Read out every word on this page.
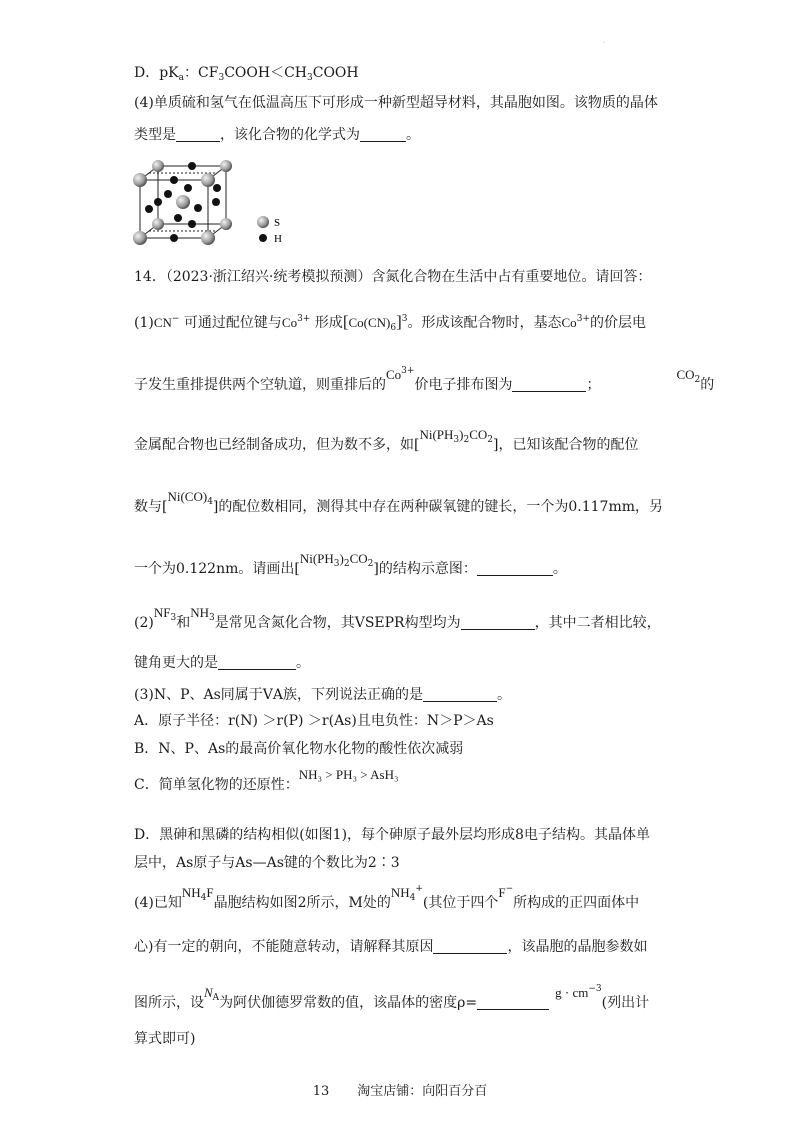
·
D．$pK_a$：$CF_3COOH<CH_3COOH$
(4)单质硫和氢气在低温高压下可形成一种新型超导材料，其晶胞如图。该物质的晶体
类型是	，该化合物的化学式为	。
S
H
14．（2023·浙江绍兴·统考模拟预测）含氮化合物在生活中占有重要地位。请回答：
(1)CN− 可通过配位键与$Co^{3+}$ 形成$[Co(CN)_6]^3$。形成该配合物时，基态$Co^{3+}$的价层电
子发生重排提供两个空轨道，则重排后的$Co^{3+}$价电子排布图为	；$CO_2$的
金属配合物也已经制备成功，但为数不多，如$[Ni(PH_3)_2CO_2]$，已知该配合物的配位
数与$[Ni(CO)_4]$的配位数相同，测得其中存在两种碳氧键的键长，一个为0.117mm，另
一个为0.122nm。请画出$[Ni(PH_3)_2CO_2]$的结构示意图：	。
$(2)NF_3$和$NH_3$是常见含氮化合物，其VSEPR构型均为	，其中二者相比较，
键角更大的是	。
(3)N、P、As同属于ⅤA族，下列说法正确的是	。
A．原子半径：r(N) ＞r(P) ＞r(As)且电负性：N＞P＞As
B．N、P、As的最高价氧化物水化物的酸性依次减弱
C．简单氢化物的还原性：NH₃ > PH₃ > AsH₃
D．黑砷和黑磷的结构相似(如图1)，每个砷原子最外层均形成8电子结构。其晶体单
层中，As原子与As—As键的个数比为2∶3
(4)已知$NH_4F$晶胞结构如图2所示，M处的$NH_4^+$(其位于四个F−所构成的正四面体中
心)有一定的朝向，不能随意转动，请解释其原因	，该晶胞的晶胞参数如
图所示，设$N_A$为阿伏伽德罗常数的值，该晶体的密度$\rho=g \cdot cm^{-3}$(列出计
算式即可)
13 淘宝店铺：向阳百分百
